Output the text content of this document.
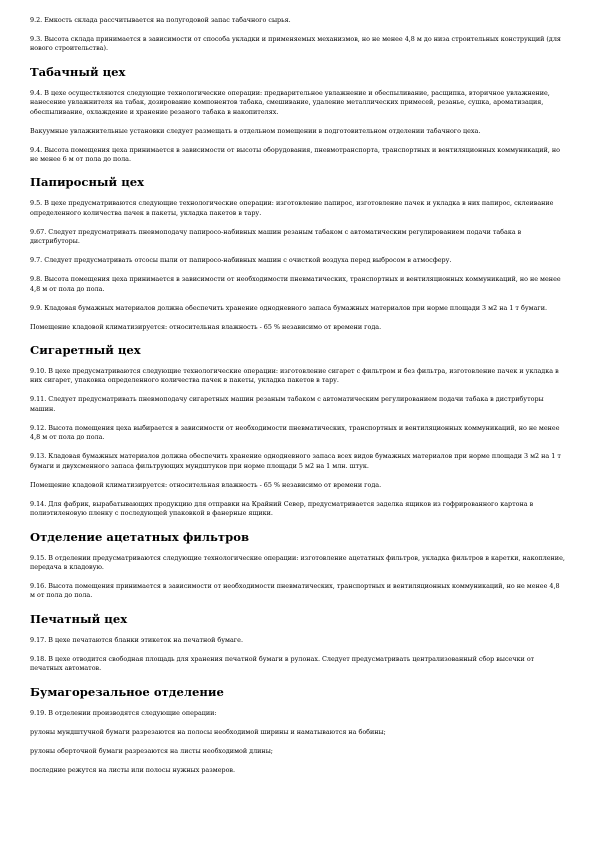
9.2. Емкость склада рассчитывается на полугодовой запас табачного сырья.

9.3. Высота склада принимается в зависимости от способа укладки и применяемых механизмов, но не менее 4,8 м до низа строительных конструкций (для нового строительства).

Табачный цех

9.4. В цехе осуществляются следующие технологические операции: предварительное увлажнение и обеспыливание, расщипка, вторичное увлажнение, нанесение увлажнителя на табак, дозирование компонентов табака, смешивание, удаление металлических примесей, резанье, сушка, ароматизация, обеспыливание, охлаждение и хранение резаного табака в накопителях.

Вакуумные увлажнительные установки следует размещать в отдельном помещении в подготовительном отделении табачного цеха.

9.4. Высота помещения цеха принимается в зависимости от высоты оборудования, пневмотранспорта, транспортных и вентиляционных коммуникаций, но не менее 6 м от пола до пола.

Папиросный цех

9.5. В цехе предусматриваются следующие технологические операции: изготовление папирос, изготовление пачек и укладка в них папирос, склеивание определенного количества пачек в пакеты, укладка пакетов в тару.

9.67. Следует предусматривать пневмоподачу папиросо-набивных машин резаным табаком с автоматическим регулированием подачи табака в дистрибуторы.

9.7. Следует предусматривать отсосы пыли от папиросо-набивных машин с очисткой воздуха перед выбросом в атмосферу.

9.8. Высота помещения цеха принимается в зависимости от необходимости пневматических, транспортных и вентиляционных коммуникаций, но не менее 4,8 м от пола до пола.

9.9. Кладовая бумажных материалов должна обеспечить хранение однодневного запаса бумажных материалов при норме площади 3 м2 на 1 т бумаги.

Помещение кладовой климатизируется: относительная влажность - 65 % независимо от времени года.

Сигаретный цех

9.10. В цехе предусматриваются следующие технологические операции: изготовление сигарет с фильтром и без фильтра, изготовление пачек и укладка в них сигарет, упаковка определенного количества пачек в пакеты, укладка пакетов в тару.

9.11. Следует предусматривать пневмоподачу сигаретных машин резаным табаком с автоматическим регулированием подачи табака в дистрибуторы машин.

9.12. Высота помещения цеха выбирается в зависимости от необходимости пневматических, транспортных и вентиляционных коммуникаций, но не менее 4,8 м от пола до пола.

9.13. Кладовая бумажных материалов должна обеспечить хранение однодневного запаса всех видов бумажных материалов при норме площади 3 м2 на 1 т бумаги и двухсменного запаса фильтрующих мундштуков при норме площади 5 м2 на 1 млн. штук.

Помещение кладовой климатизируется: относительная влажность - 65 % независимо от времени года.

9.14. Для фабрик, вырабатывающих продукцию для отправки на Крайний Север, предусматривается заделка ящиков из гофрированного картона в полиэтиленовую пленку с последующей упаковкой в фанерные ящики.

Отделение ацетатных фильтров

9.15. В отделении предусматриваются следующие технологические операции: изготовление ацетатных фильтров, укладка фильтров в каретки, накопление, передача в кладовую.

9.16. Высота помещения принимается в зависимости от необходимости пневматических, транспортных и вентиляционных коммуникаций, но не менее 4,8 м от пола до пола.

Печатный цех

9.17. В цехе печатаются бланки этикеток на печатной бумаге.

9.18. В цехе отводится свободная площадь для хранения печатной бумаги в рулонах. Следует предусматривать централизованный сбор высечки от печатных автоматов.

Бумагорезальное отделение

9.19. В отделении производятся следующие операции:

рулоны мундштучной бумаги разрезаются на полосы необходимой ширины и наматываются на бобины;

рулоны оберточной бумаги разрезаются на листы необходимой длины;

последние режутся на листы или полосы нужных размеров.
